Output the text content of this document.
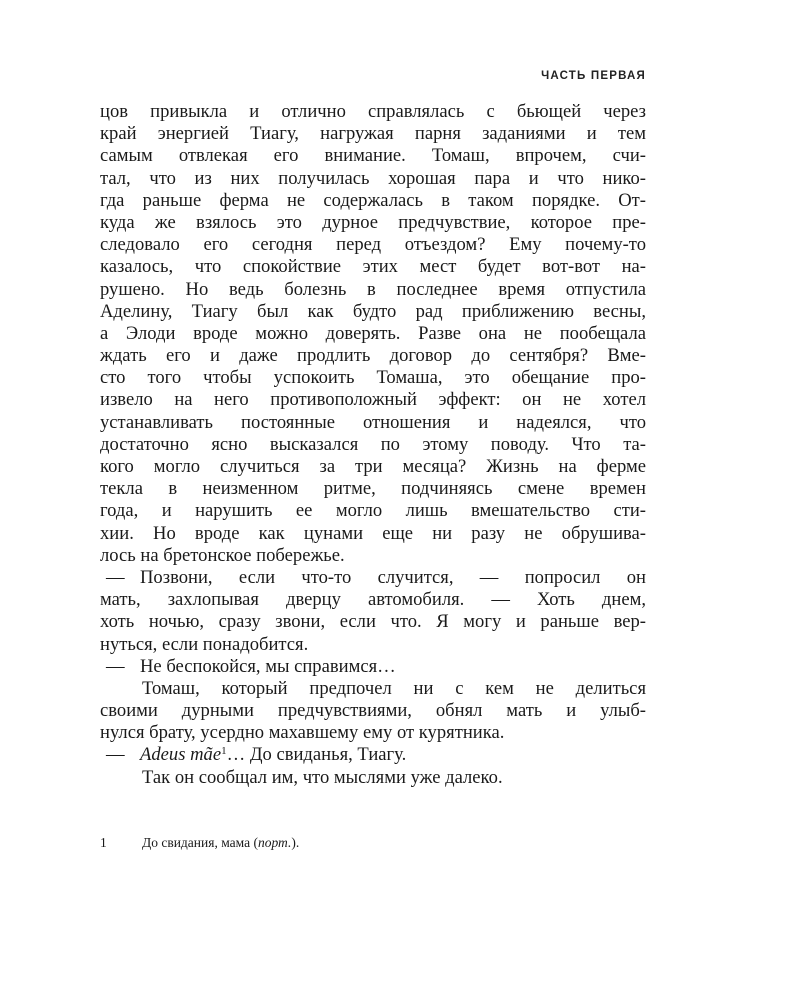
ЧАСТЬ ПЕРВАЯ
цов привыкла и отлично справлялась с бьющей через
край энергией Тиагу, нагружая парня заданиями и тем
самым отвлекая его внимание. Томаш, впрочем, счи-
тал, что из них получилась хорошая пара и что нико-
гда раньше ферма не содержалась в таком порядке. От-
куда же взялось это дурное предчувствие, которое пре-
следовало его сегодня перед отъездом? Ему почему-то
казалось, что спокойствие этих мест будет вот-вот на-
рушено. Но ведь болезнь в последнее время отпустила
Аделину, Тиагу был как будто рад приближению весны,
а Элоди вроде можно доверять. Разве она не пообещала
ждать его и даже продлить договор до сентября? Вме-
сто того чтобы успокоить Томаша, это обещание про-
извело на него противоположный эффект: он не хотел
устанавливать постоянные отношения и надеялся, что
достаточно ясно высказался по этому поводу. Что та-
кого могло случиться за три месяца? Жизнь на ферме
текла в неизменном ритме, подчиняясь смене времен
года, и нарушить ее могло лишь вмешательство сти-
хии. Но вроде как цунами еще ни разу не обрушива-
лось на бретонское побережье.
— Позвони, если что-то случится, — попросил он
мать, захлопывая дверцу автомобиля. — Хоть днем,
хоть ночью, сразу звони, если что. Я могу и раньше вер-
нуться, если понадобится.
— Не беспокойся, мы справимся…
Томаш, который предпочел ни с кем не делиться
своими дурными предчувствиями, обнял мать и улыб-
нулся брату, усердно махавшему ему от курятника.
— Adeus mãe$^1$… До свиданья, Тиагу.
Так он сообщал им, что мыслями уже далеко.
1	До свидания, мама (порт.).
